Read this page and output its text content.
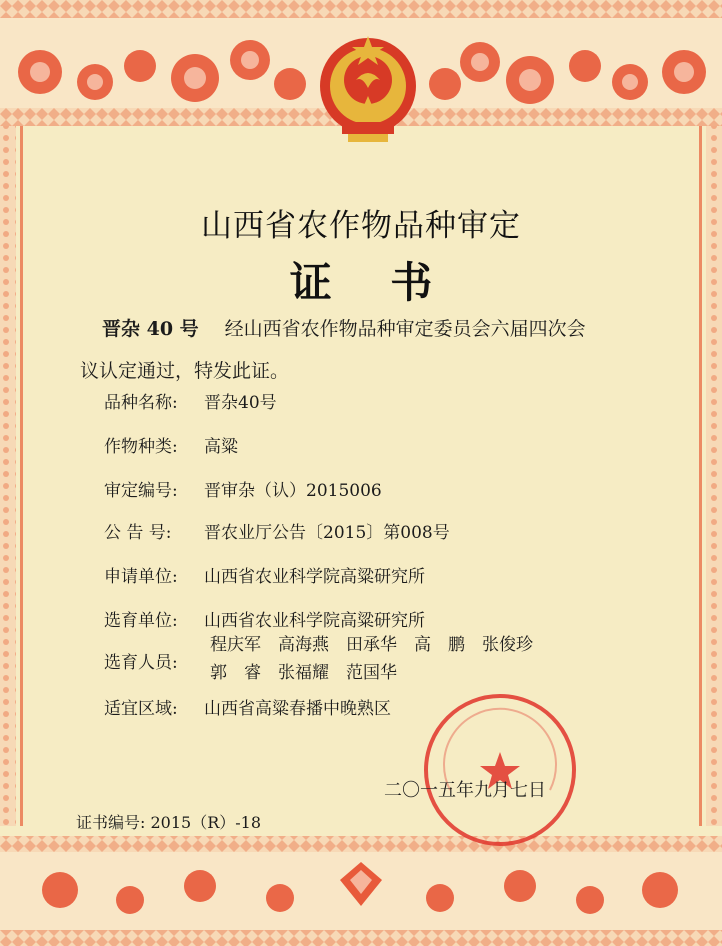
山西省农作物品种审定
证 书
晋杂 40 号 经山西省农作物品种审定委员会六届四次会
议认定通过，特发此证。
品种名称:	晋杂40号
作物种类:	高粱
审定编号:	晋审杂（认）2015006
公 告 号:	晋农业厅公告〔2015〕第008号
申请单位:	山西省农业科学院高粱研究所
选育单位:	山西省农业科学院高粱研究所
选育人员:
程庆军　高海燕　田承华　高　鹏　张俊珍
郭　睿　张福耀　范国华
适宜区域:	山西省高粱春播中晚熟区
二〇一五年九月七日
证书编号: 2015（R）-18
